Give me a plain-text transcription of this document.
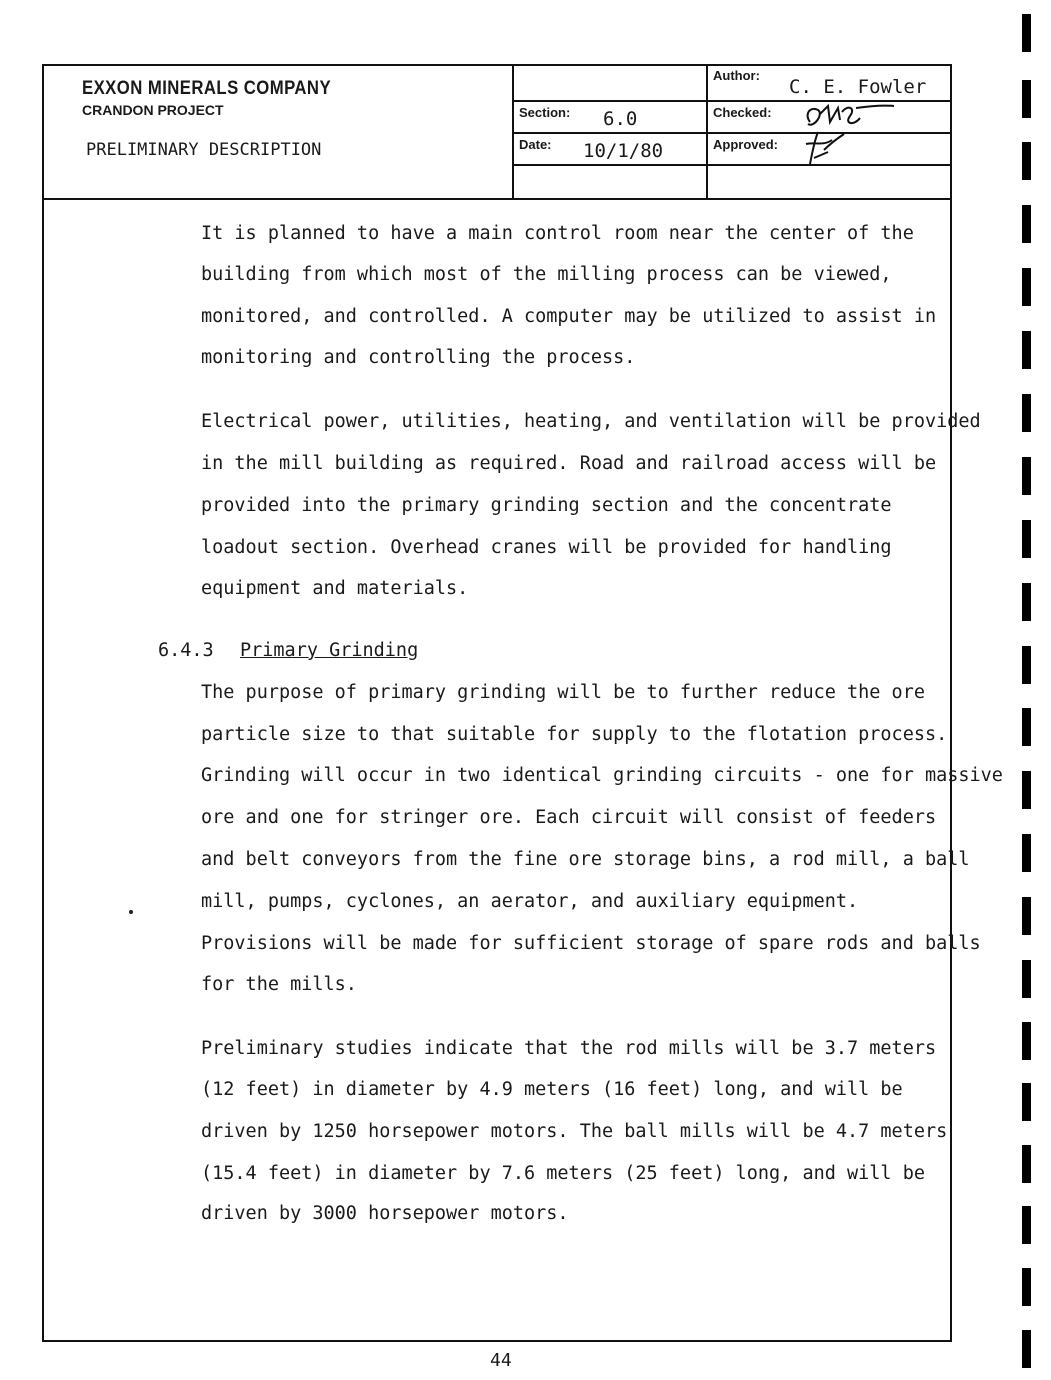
EXXON MINERALS COMPANY
CRANDON PROJECT
PRELIMINARY DESCRIPTION
Section: 6.0
Date: 10/1/80
Author:
C. E. Fowler
Checked:
Approved:
It is planned to have a main control room near the center of the
building from which most of the milling process can be viewed,
monitored, and controlled. A computer may be utilized to assist in
monitoring and controlling the process.
Electrical power, utilities, heating, and ventilation will be provided
in the mill building as required. Road and railroad access will be
provided into the primary grinding section and the concentrate
loadout section. Overhead cranes will be provided for handling
equipment and materials.
6.4.3 Primary Grinding
The purpose of primary grinding will be to further reduce the ore
particle size to that suitable for supply to the flotation process.
Grinding will occur in two identical grinding circuits - one for massive
ore and one for stringer ore. Each circuit will consist of feeders
and belt conveyors from the fine ore storage bins, a rod mill, a ball
mill, pumps, cyclones, an aerator, and auxiliary equipment.
Provisions will be made for sufficient storage of spare rods and balls
for the mills.
Preliminary studies indicate that the rod mills will be 3.7 meters
(12 feet) in diameter by 4.9 meters (16 feet) long, and will be
driven by 1250 horsepower motors. The ball mills will be 4.7 meters
(15.4 feet) in diameter by 7.6 meters (25 feet) long, and will be
driven by 3000 horsepower motors.
44
